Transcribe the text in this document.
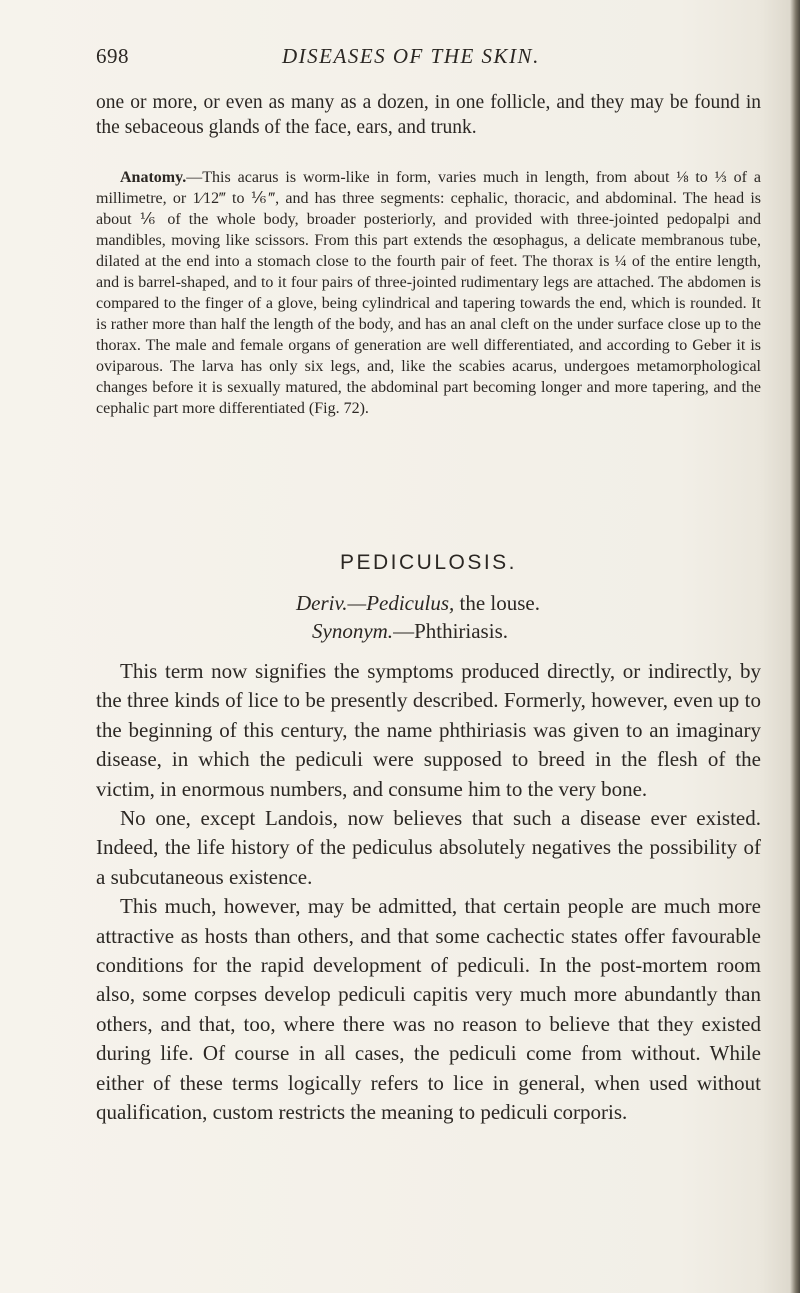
698	DISEASES OF THE SKIN.

one or more, or even as many as a dozen, in one follicle, and they may be found in the sebaceous glands of the face, ears, and trunk.

Anatomy.—This acarus is worm-like in form, varies much in length, from about ⅛ to ⅓ of a millimetre, or 1⁄12‴ to ⅙‴, and has three segments: cephalic, thoracic, and abdominal. The head is about ⅙ of the whole body, broader posteriorly, and provided with three-jointed pedopalpi and mandibles, moving like scissors. From this part extends the œsophagus, a delicate membranous tube, dilated at the end into a stomach close to the fourth pair of feet. The thorax is ¼ of the entire length, and is barrel-shaped, and to it four pairs of three-jointed rudimentary legs are attached. The abdomen is compared to the finger of a glove, being cylindrical and tapering towards the end, which is rounded. It is rather more than half the length of the body, and has an anal cleft on the under surface close up to the thorax. The male and female organs of generation are well differentiated, and according to Geber it is oviparous. The larva has only six legs, and, like the scabies acarus, undergoes metamorphological changes before it is sexually matured, the abdominal part becoming longer and more tapering, and the cephalic part more differentiated (Fig. 72).

PEDICULOSIS.
Deriv.—Pediculus, the louse.
Synonym.—Phthiriasis.

This term now signifies the symptoms produced directly, or indirectly, by the three kinds of lice to be presently described. Formerly, however, even up to the beginning of this century, the name phthiriasis was given to an imaginary disease, in which the pediculi were supposed to breed in the flesh of the victim, in enormous numbers, and consume him to the very bone.

No one, except Landois, now believes that such a disease ever existed. Indeed, the life history of the pediculus absolutely negatives the possibility of a subcutaneous existence.

This much, however, may be admitted, that certain people are much more attractive as hosts than others, and that some cachectic states offer favourable conditions for the rapid development of pediculi. In the post-mortem room also, some corpses develop pediculi capitis very much more abundantly than others, and that, too, where there was no reason to believe that they existed during life. Of course in all cases, the pediculi come from without. While either of these terms logically refers to lice in general, when used without qualification, custom restricts the meaning to pediculi corporis.
